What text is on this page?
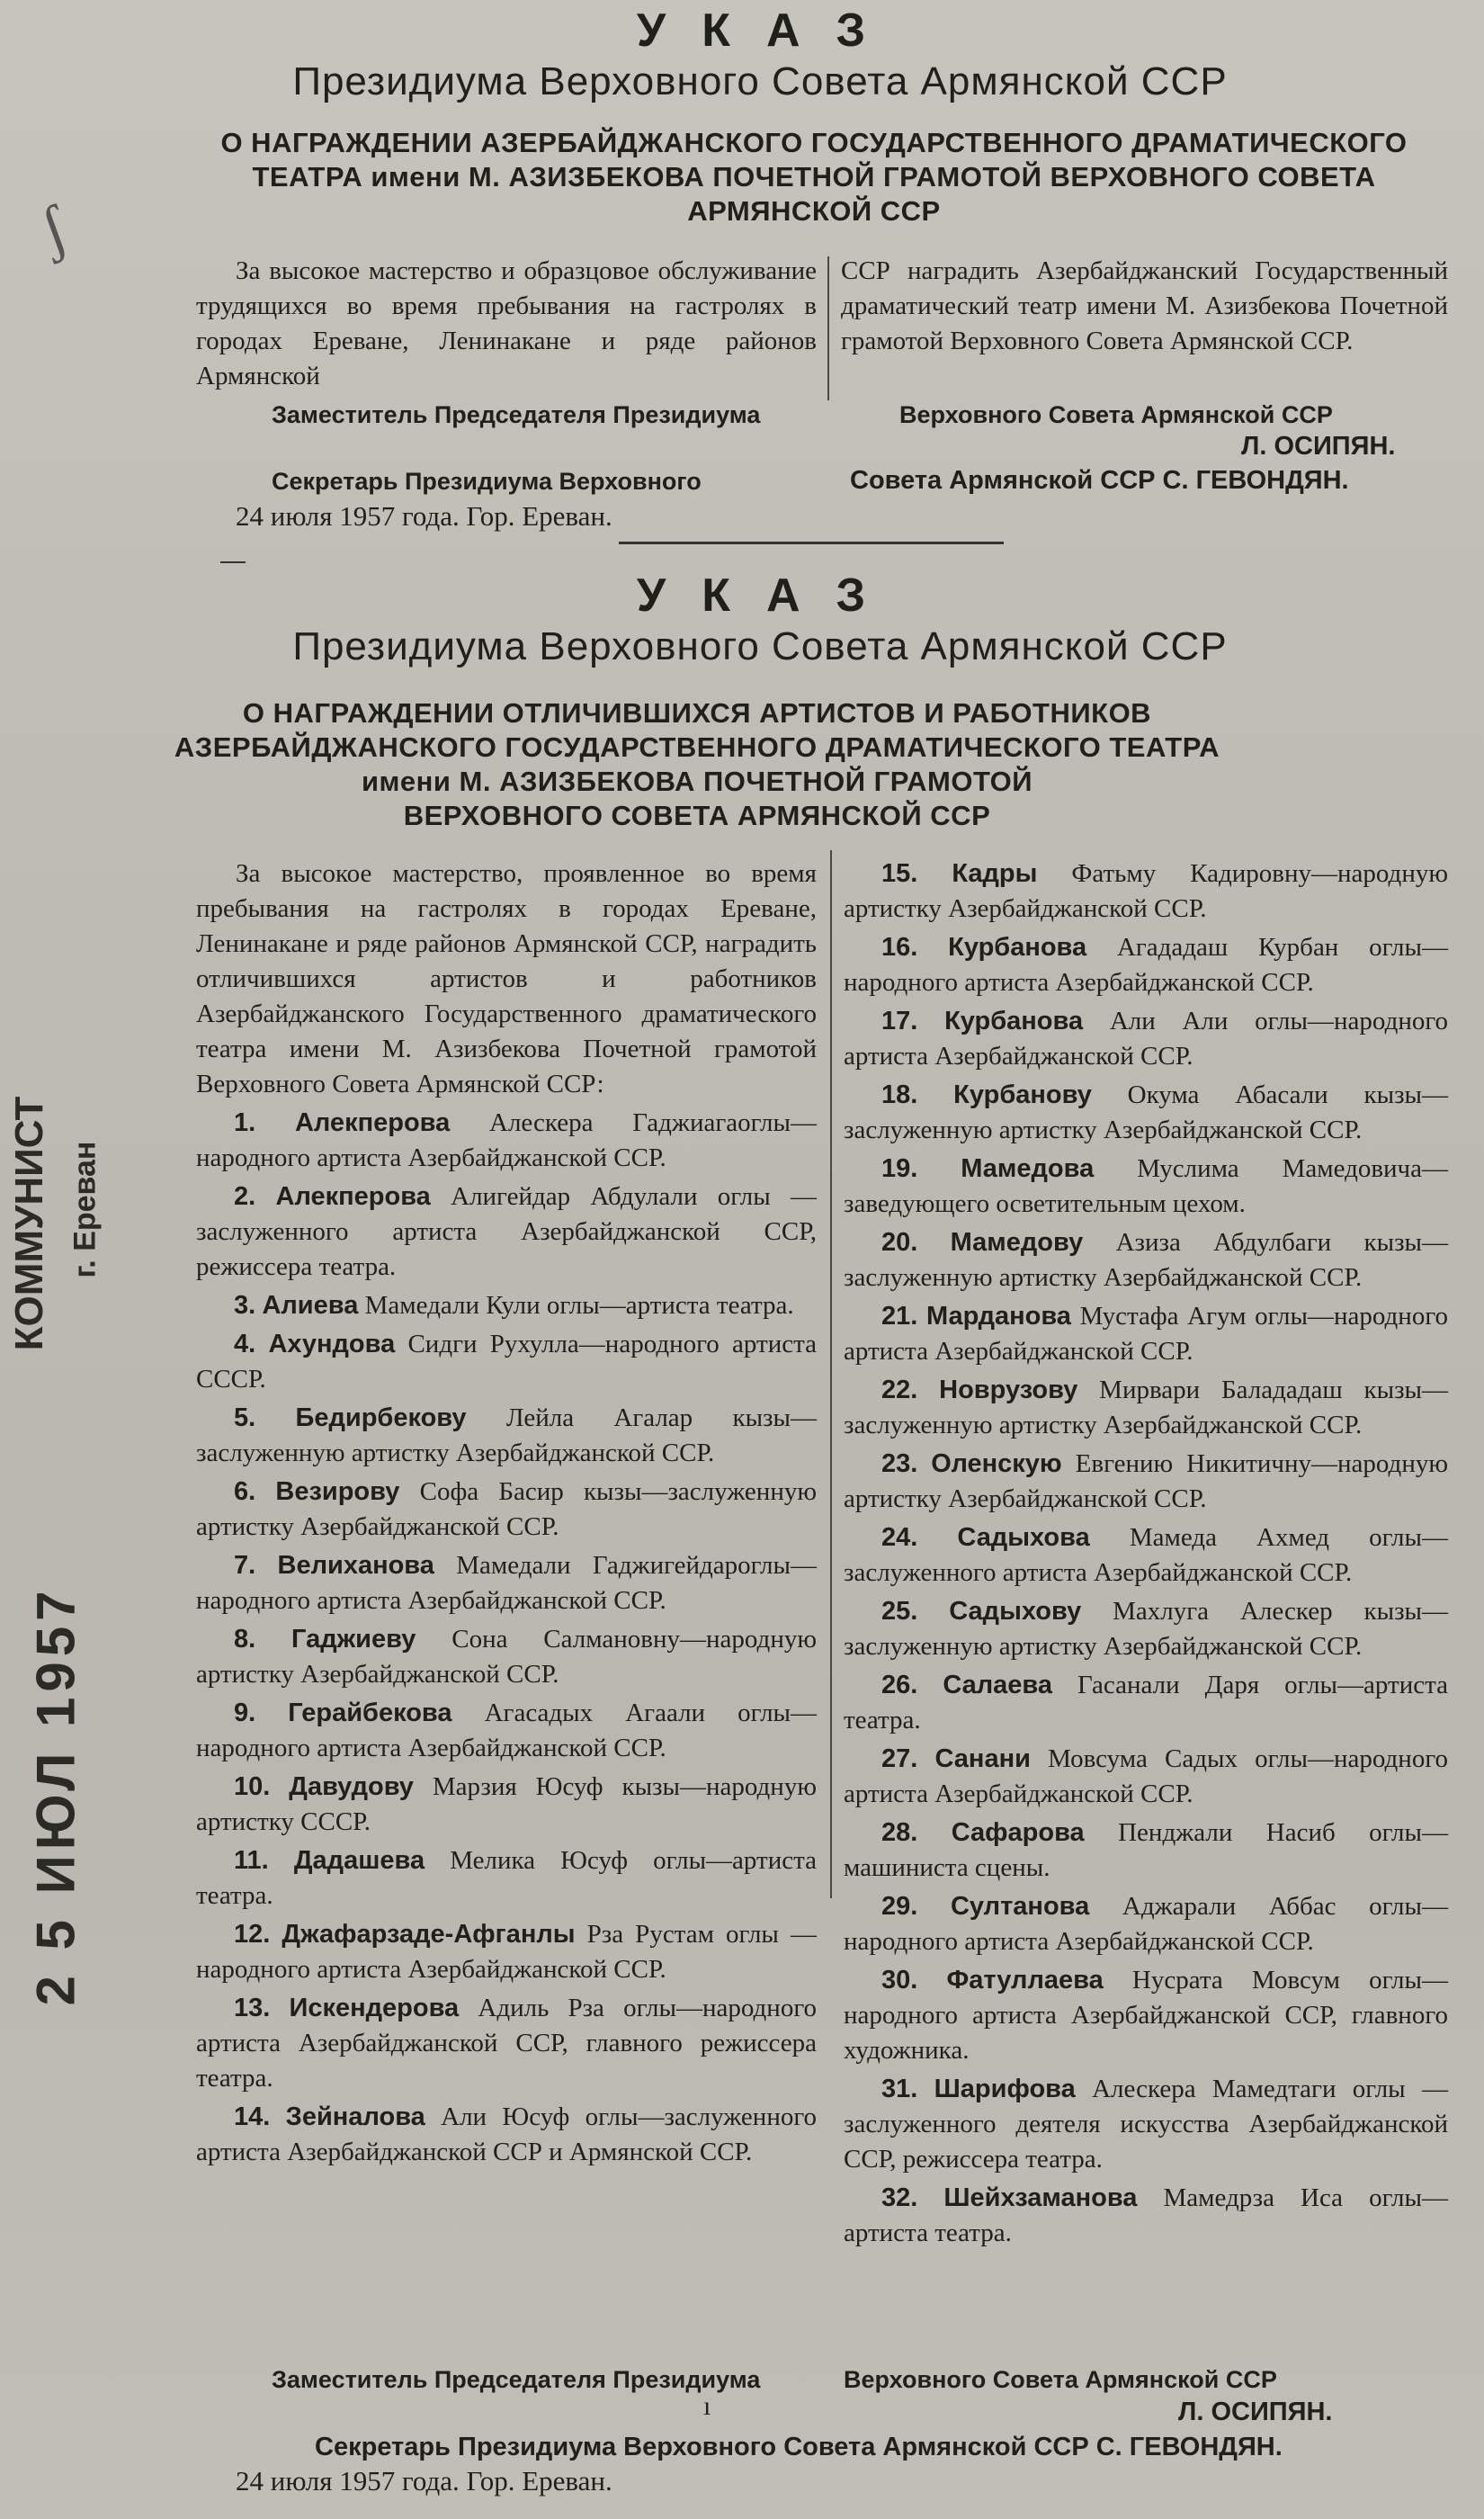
ʃ
КОММУНИСТ г. Ереван
2 5 ИЮЛ 1957
УКАЗ
Президиума Верховного Совета Армянской ССР
О НАГРАЖДЕНИИ АЗЕРБАЙДЖАНСКОГО ГОСУДАРСТВЕННОГО ДРАМАТИЧЕСКОГО ТЕАТРА имени М. АЗИЗБЕКОВА ПОЧЕТНОЙ ГРАМОТОЙ ВЕРХОВНОГО СОВЕТА АРМЯНСКОЙ ССР

За высокое мастерство и образцовое обслуживание трудящихся во время пребывания на гастролях в городах Ереване, Ленинакане и ряде районов Армянской

ССР наградить Азербайджанский Государственный драматический театр имени М. Азизбекова Почетной грамотой Верховного Совета Армянской ССР.

Заместитель Председателя Президиума	Верховного Совета Армянской ССР
Л. ОСИПЯН.
Секретарь Президиума Верховного	Совета Армянской ССР С. ГЕВОНДЯН.
24 июля 1957 года. Гор. Ереван.
УКАЗ
Президиума Верховного Совета Армянской ССР
О НАГРАЖДЕНИИ ОТЛИЧИВШИХСЯ АРТИСТОВ И РАБОТНИКОВ
АЗЕРБАЙДЖАНСКОГО ГОСУДАРСТВЕННОГО ДРАМАТИЧЕСКОГО ТЕАТРА
имени М. АЗИЗБЕКОВА ПОЧЕТНОЙ ГРАМОТОЙ
ВЕРХОВНОГО СОВЕТА АРМЯНСКОЙ ССР

За высокое мастерство, проявленное во время пребывания на гастролях в городах Ереване, Ленинакане и ряде районов Армянской ССР, наградить отличившихся артистов и работников Азербайджанского Государственного драматического театра имени М. Азизбекова Почетной грамотой Верховного Совета Армянской ССР:

1. Алекперова Алескера Гаджиагаоглы—народного артиста Азербайджанской ССР.

2. Алекперова Алигейдар Абдулали оглы — заслуженного артиста Азербайджанской ССР, режиссера театра.

3. Алиева Мамедали Кули оглы—артиста театра.

4. Ахундова Сидги Рухулла—народного артиста СССР.

5. Бедирбекову Лейла Агалар кызы—заслуженную артистку Азербайджанской ССР.

6. Везирову Софа Басир кызы—заслуженную артистку Азербайджанской ССР.

7. Велиханова Мамедали Гаджигейдароглы—народного артиста Азербайджанской ССР.

8. Гаджиеву Сона Салмановну—народную артистку Азербайджанской ССР.

9. Герайбекова Агасадых Агаали оглы—народного артиста Азербайджанской ССР.

10. Давудову Марзия Юсуф кызы—народную артистку СССР.

11. Дадашева Мелика Юсуф оглы—артиста театра.

12. Джафарзаде-Афганлы Рза Рустам оглы — народного артиста Азербайджанской ССР.

13. Искендерова Адиль Рза оглы—народного артиста Азербайджанской ССР, главного режиссера театра.

14. Зейналова Али Юсуф оглы—заслуженного артиста Азербайджанской ССР и Армянской ССР.

15. Кадры Фатьму Кадировну—народную артистку Азербайджанской ССР.

16. Курбанова Агададаш Курбан оглы—народного артиста Азербайджанской ССР.

17. Курбанова Али Али оглы—народного артиста Азербайджанской ССР.

18. Курбанову Окума Абасали кызы—заслуженную артистку Азербайджанской ССР.

19. Мамедова Муслима Мамедовича—заведующего осветительным цехом.

20. Мамедову Азиза Абдулбаги кызы—заслуженную артистку Азербайджанской ССР.

21. Марданова Мустафа Агум оглы—народного артиста Азербайджанской ССР.

22. Новрузову Мирвари Балададаш кызы—заслуженную артистку Азербайджанской ССР.

23. Оленскую Евгению Никитичну—народную артистку Азербайджанской ССР.

24. Садыхова Мамеда Ахмед оглы—заслуженного артиста Азербайджанской ССР.

25. Садыхову Махлуга Алескер кызы—заслуженную артистку Азербайджанской ССР.

26. Салаева Гасанали Даря оглы—артиста театра.

27. Санани Мовсума Садых оглы—народного артиста Азербайджанской ССР.

28. Сафарова Пенджали Насиб оглы—машиниста сцены.

29. Султанова Аджарали Аббас оглы—народного артиста Азербайджанской ССР.

30. Фатуллаева Нусрата Мовсум оглы—народного артиста Азербайджанской ССР, главного художника.

31. Шарифова Алескера Мамедтаги оглы — заслуженного деятеля искусства Азербайджанской ССР, режиссера театра.

32. Шейхзаманова Мамедрза Иса оглы—артиста театра.

ı
Заместитель Председателя Президиума	Верховного Совета Армянской ССР
Л. ОСИПЯН.
Секретарь Президиума Верховного Совета Армянской ССР С. ГЕВОНДЯН.
24 июля 1957 года. Гор. Ереван.
